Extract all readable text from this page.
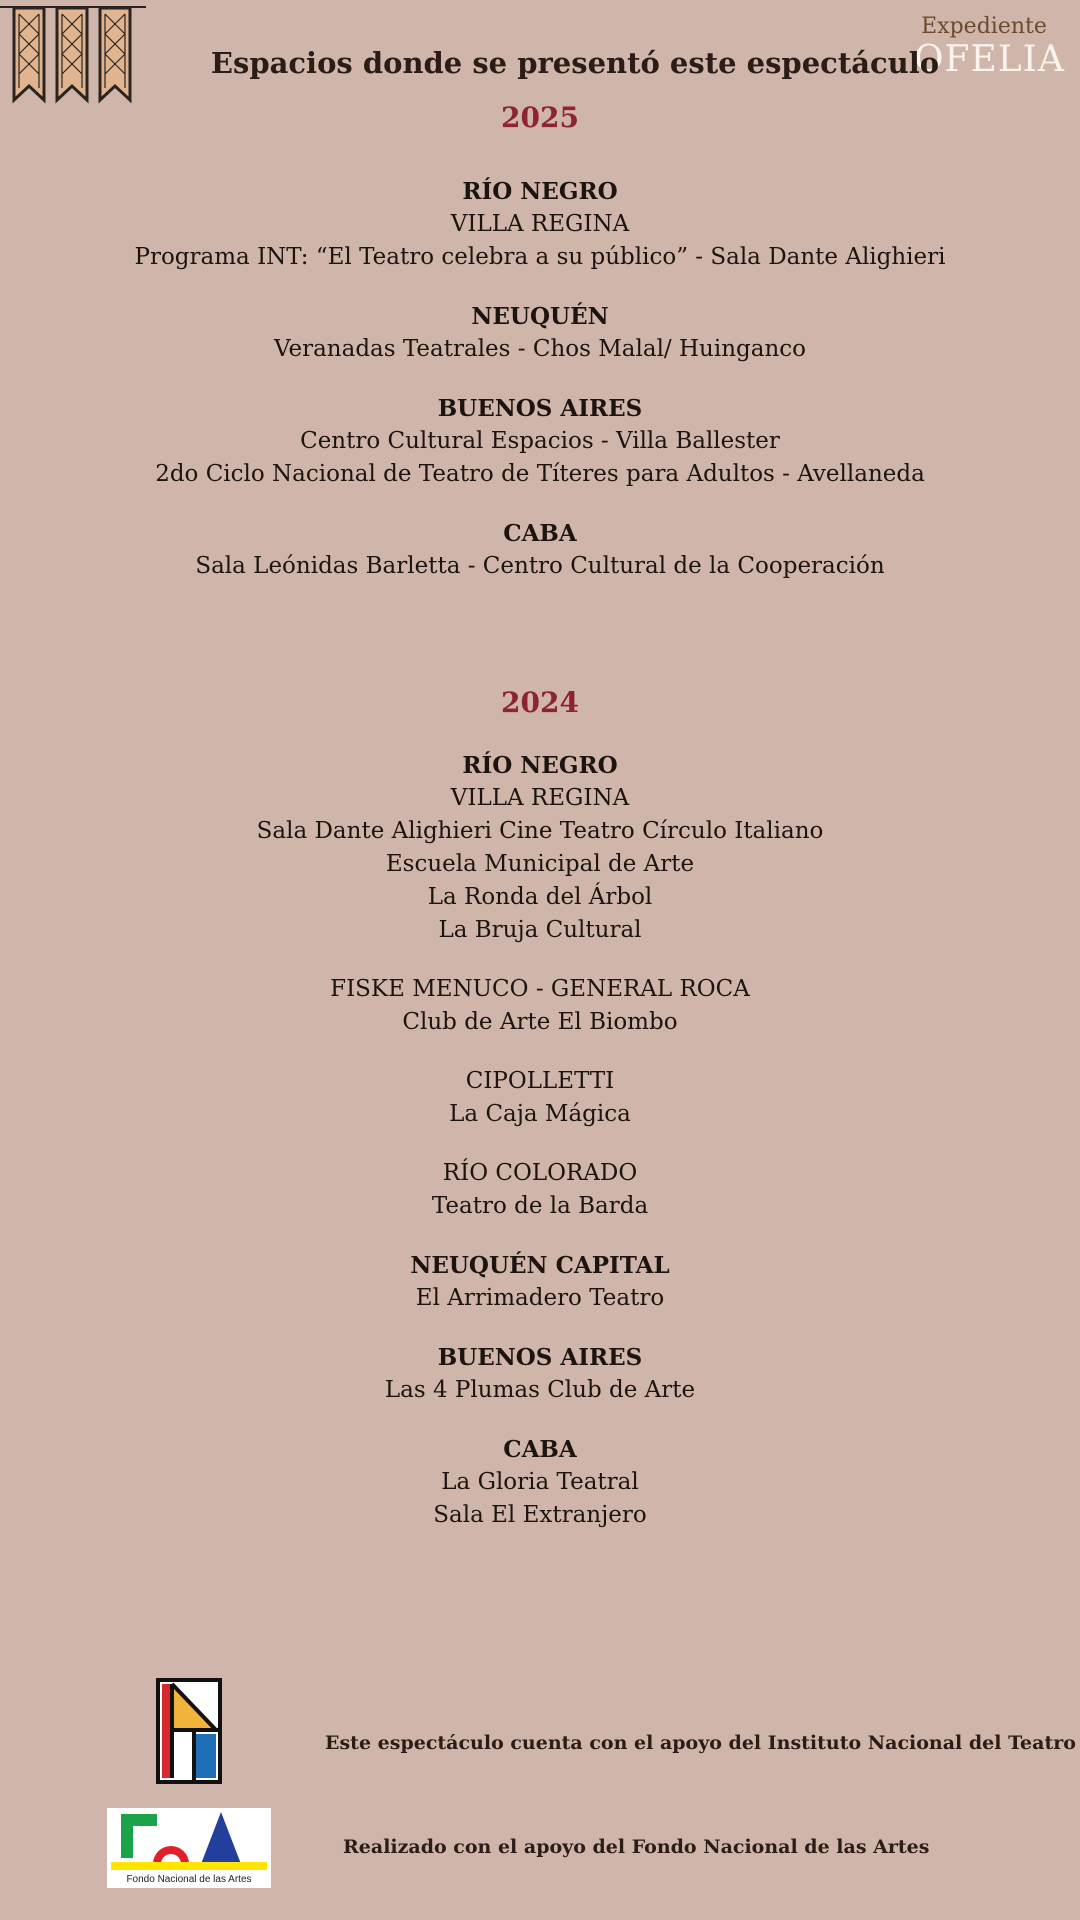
Expediente
OFELIA
Espacios donde se presentó este espectáculo
2025
RÍO NEGRO
VILLA REGINA
Programa INT: “El Teatro celebra a su público” - Sala Dante Alighieri
NEUQUÉN
Veranadas Teatrales - Chos Malal/ Huinganco
BUENOS AIRES
Centro Cultural Espacios - Villa Ballester
2do Ciclo Nacional de Teatro de Títeres para Adultos - Avellaneda
CABA
Sala Leónidas Barletta - Centro Cultural de la Cooperación
2024
RÍO NEGRO
VILLA REGINA
Sala Dante Alighieri Cine Teatro Círculo Italiano
Escuela Municipal de Arte
La Ronda del Árbol
La Bruja Cultural
FISKE MENUCO - GENERAL ROCA
Club de Arte El Biombo
CIPOLLETTI
La Caja Mágica
RÍO COLORADO
Teatro de la Barda
NEUQUÉN CAPITAL
El Arrimadero Teatro
BUENOS AIRES
Las 4 Plumas Club de Arte
CABA
La Gloria Teatral
Sala El Extranjero
Este espectáculo cuenta con el apoyo del Instituto Nacional del Teatro
Fondo Nacional de las Artes
Realizado con el apoyo del Fondo Nacional de las Artes
